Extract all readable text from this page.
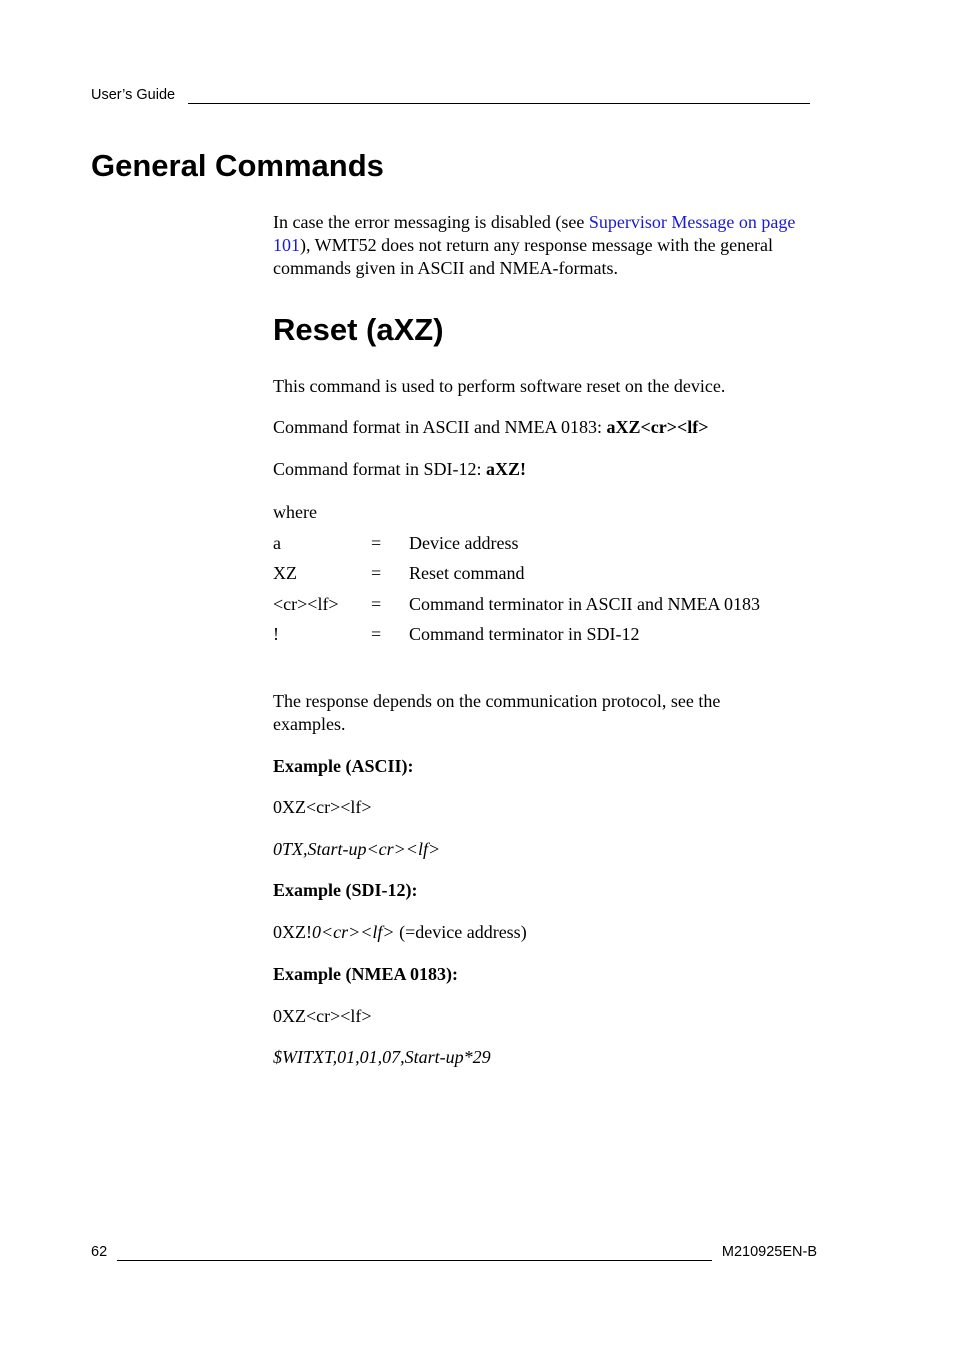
User’s Guide
General Commands

In case the error messaging is disabled (see Supervisor Message on page 101), WMT52 does not return any response message with the general commands given in ASCII and NMEA-formats.

Reset (aXZ)
This command is used to perform software reset on the device.
Command format in ASCII and NMEA 0183: aXZ<cr><lf>
Command format in SDI-12: aXZ!
where
a	= Device address
XZ	= Reset command
<cr><lf> = Command terminator in ASCII and NMEA 0183
!	= Command terminator in SDI-12

The response depends on the communication protocol, see the examples.

Example (ASCII):
0XZ<cr><lf>
0TX,Start-up<cr><lf>
Example (SDI-12):
0XZ!0<cr><lf> (=device address)
Example (NMEA 0183):
0XZ<cr><lf>
$WITXT,01,01,07,Start-up*29
62	M210925EN-B
